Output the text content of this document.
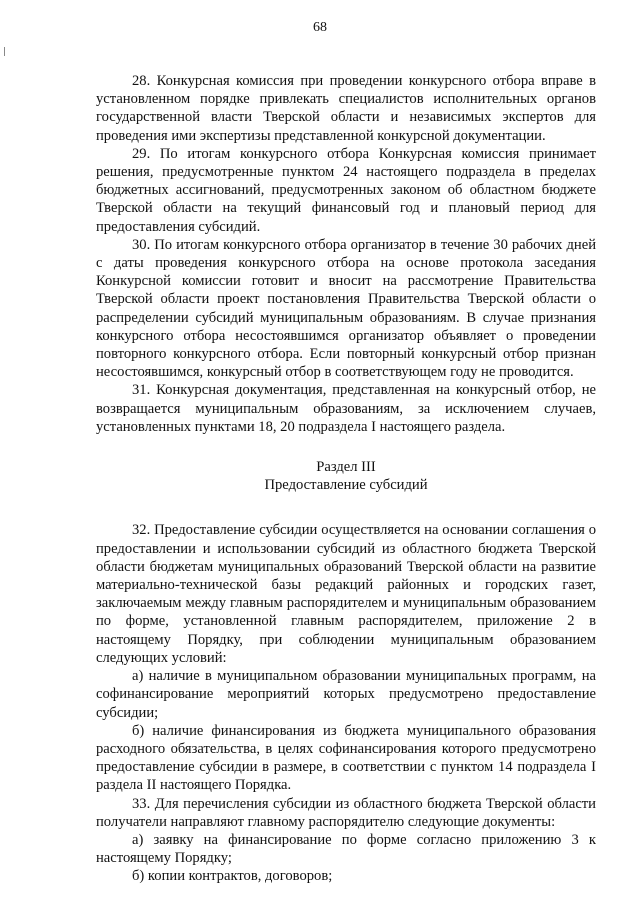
68

28. Конкурсная комиссия при проведении конкурсного отбора вправе в установленном порядке привлекать специалистов исполнительных органов государственной власти Тверской области и независимых экспертов для проведения ими экспертизы представленной конкурсной документации.

29. По итогам конкурсного отбора Конкурсная комиссия принимает решения, предусмотренные пунктом 24 настоящего подраздела в пределах бюджетных ассигнований, предусмотренных законом об областном бюджете Тверской области на текущий финансовый год и плановый период для предоставления субсидий.

30. По итогам конкурсного отбора организатор в течение 30 рабочих дней с даты проведения конкурсного отбора на основе протокола заседания Конкурсной комиссии готовит и вносит на рассмотрение Правительства Тверской области проект постановления Правительства Тверской области о распределении субсидий муниципальным образованиям. В случае признания конкурсного отбора несостоявшимся организатор объявляет о проведении повторного конкурсного отбора. Если повторный конкурсный отбор признан несостоявшимся, конкурсный отбор в соответствующем году не проводится.

31. Конкурсная документация, представленная на конкурсный отбор, не возвращается муниципальным образованиям, за исключением случаев, установленных пунктами 18, 20 подраздела I настоящего раздела.

Раздел III
Предоставление субсидий

32. Предоставление субсидии осуществляется на основании соглашения о предоставлении и использовании субсидий из областного бюджета Тверской области бюджетам муниципальных образований Тверской области на развитие материально-технической базы редакций районных и городских газет, заключаемым между главным распорядителем и муниципальным образованием по форме, установленной главным распорядителем, приложение 2 в настоящему Порядку, при соблюдении муниципальным образованием следующих условий:

а) наличие в муниципальном образовании муниципальных программ, на софинансирование мероприятий которых предусмотрено предоставление субсидии;

б) наличие финансирования из бюджета муниципального образования расходного обязательства, в целях софинансирования которого предусмотрено предоставление субсидии в размере, в соответствии с пунктом 14 подраздела I раздела II настоящего Порядка.

33. Для перечисления субсидии из областного бюджета Тверской области получатели направляют главному распорядителю следующие документы:

а) заявку на финансирование по форме согласно приложению 3 к настоящему Порядку;

б) копии контрактов, договоров;
